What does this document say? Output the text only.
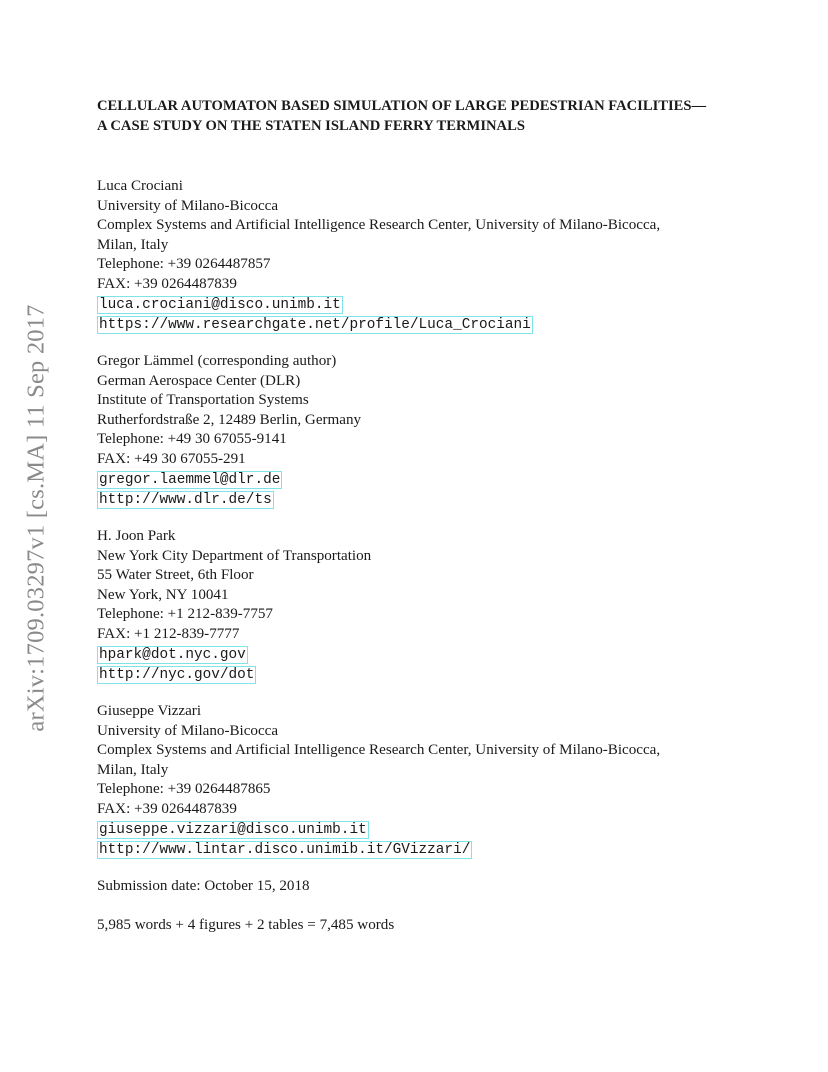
arXiv:1709.03297v1 [cs.MA] 11 Sep 2017
CELLULAR AUTOMATON BASED SIMULATION OF LARGE PEDESTRIAN FACILITIES—
A CASE STUDY ON THE STATEN ISLAND FERRY TERMINALS
Luca Crociani
University of Milano-Bicocca
Complex Systems and Artificial Intelligence Research Center, University of Milano-Bicocca,
Milan, Italy
Telephone: +39 0264487857
FAX: +39 0264487839
luca.crociani@disco.unimb.it
https://www.researchgate.net/profile/Luca_Crociani
Gregor Lämmel (corresponding author)
German Aerospace Center (DLR)
Institute of Transportation Systems
Rutherfordstraße 2, 12489 Berlin, Germany
Telephone: +49 30 67055-9141
FAX: +49 30 67055-291
gregor.laemmel@dlr.de
http://www.dlr.de/ts
H. Joon Park
New York City Department of Transportation
55 Water Street, 6th Floor
New York, NY 10041
Telephone: +1 212-839-7757
FAX: +1 212-839-7777
hpark@dot.nyc.gov
http://nyc.gov/dot
Giuseppe Vizzari
University of Milano-Bicocca
Complex Systems and Artificial Intelligence Research Center, University of Milano-Bicocca,
Milan, Italy
Telephone: +39 0264487865
FAX: +39 0264487839
giuseppe.vizzari@disco.unimb.it
http://www.lintar.disco.unimib.it/GVizzari/
Submission date: October 15, 2018
5,985 words + 4 figures + 2 tables = 7,485 words
